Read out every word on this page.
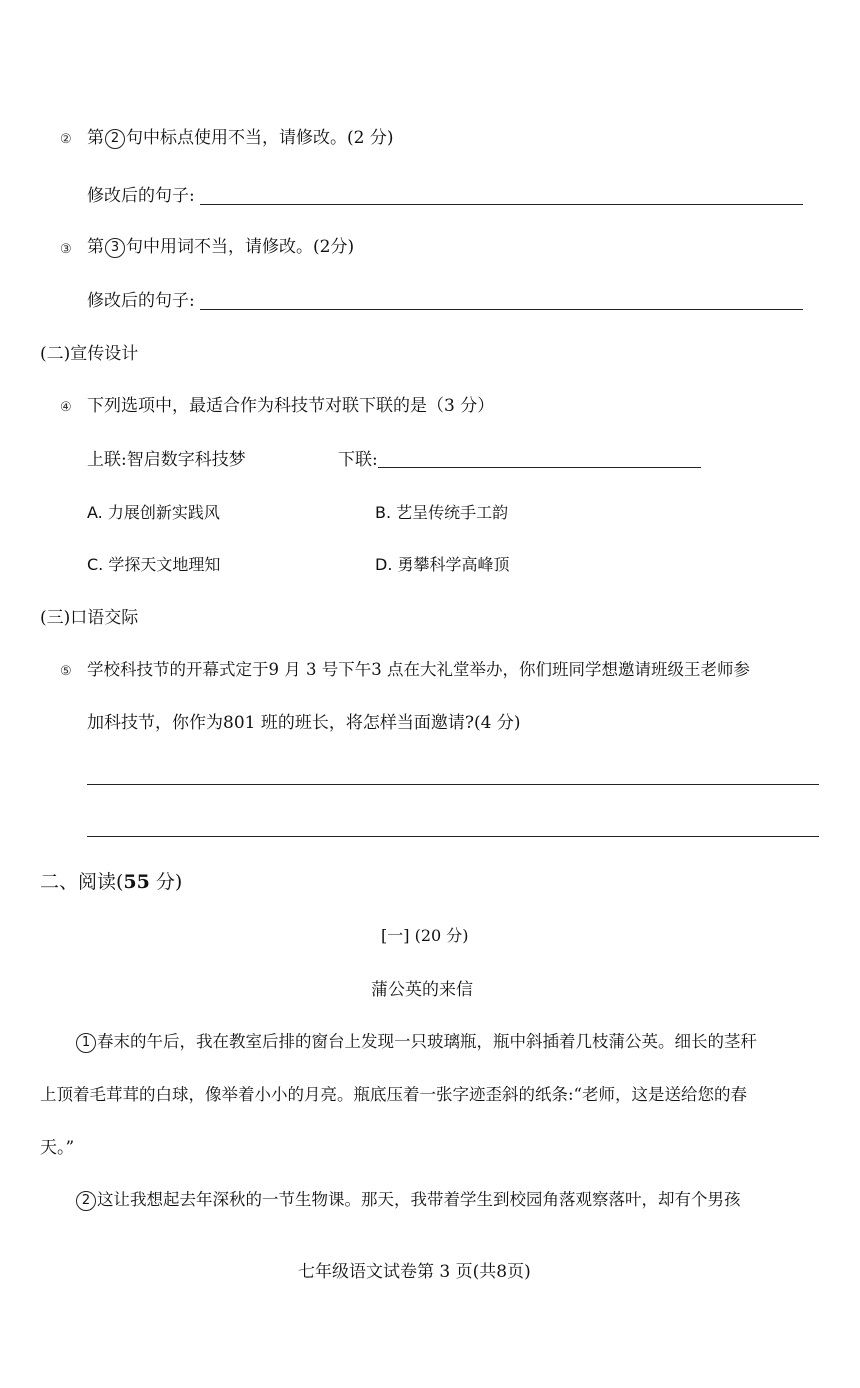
② 第 2 句中标点使用不当，请修改。(2 分)
修改后的句子:
③ 第 3 句中用词不当，请修改。(2分)
修改后的句子:
(二)宣传设计
④ 下列选项中，最适合作为科技节对联下联的是（3 分）
上联:智启数字科技梦	下联:
A. 力展创新实践风	B. 艺呈传统手工韵
C. 学探天文地理知	D. 勇攀科学高峰顶
(三)口语交际
⑤ 学校科技节的开幕式定于9 月 3 号下午3 点在大礼堂举办，你们班同学想邀请班级王老师参
加科技节，你作为801 班的班长，将怎样当面邀请?(4 分)
二、阅读(55 分)
[一] (20 分)
蒲公英的来信
1 春末的午后，我在教室后排的窗台上发现一只玻璃瓶，瓶中斜插着几枝蒲公英。细长的茎秆
上顶着毛茸茸的白球，像举着小小的月亮。瓶底压着一张字迹歪斜的纸条:“老师，这是送给您的春
天。”
2 这让我想起去年深秋的一节生物课。那天，我带着学生到校园角落观察落叶，却有个男孩
七年级语文试卷第 3 页(共8页)
